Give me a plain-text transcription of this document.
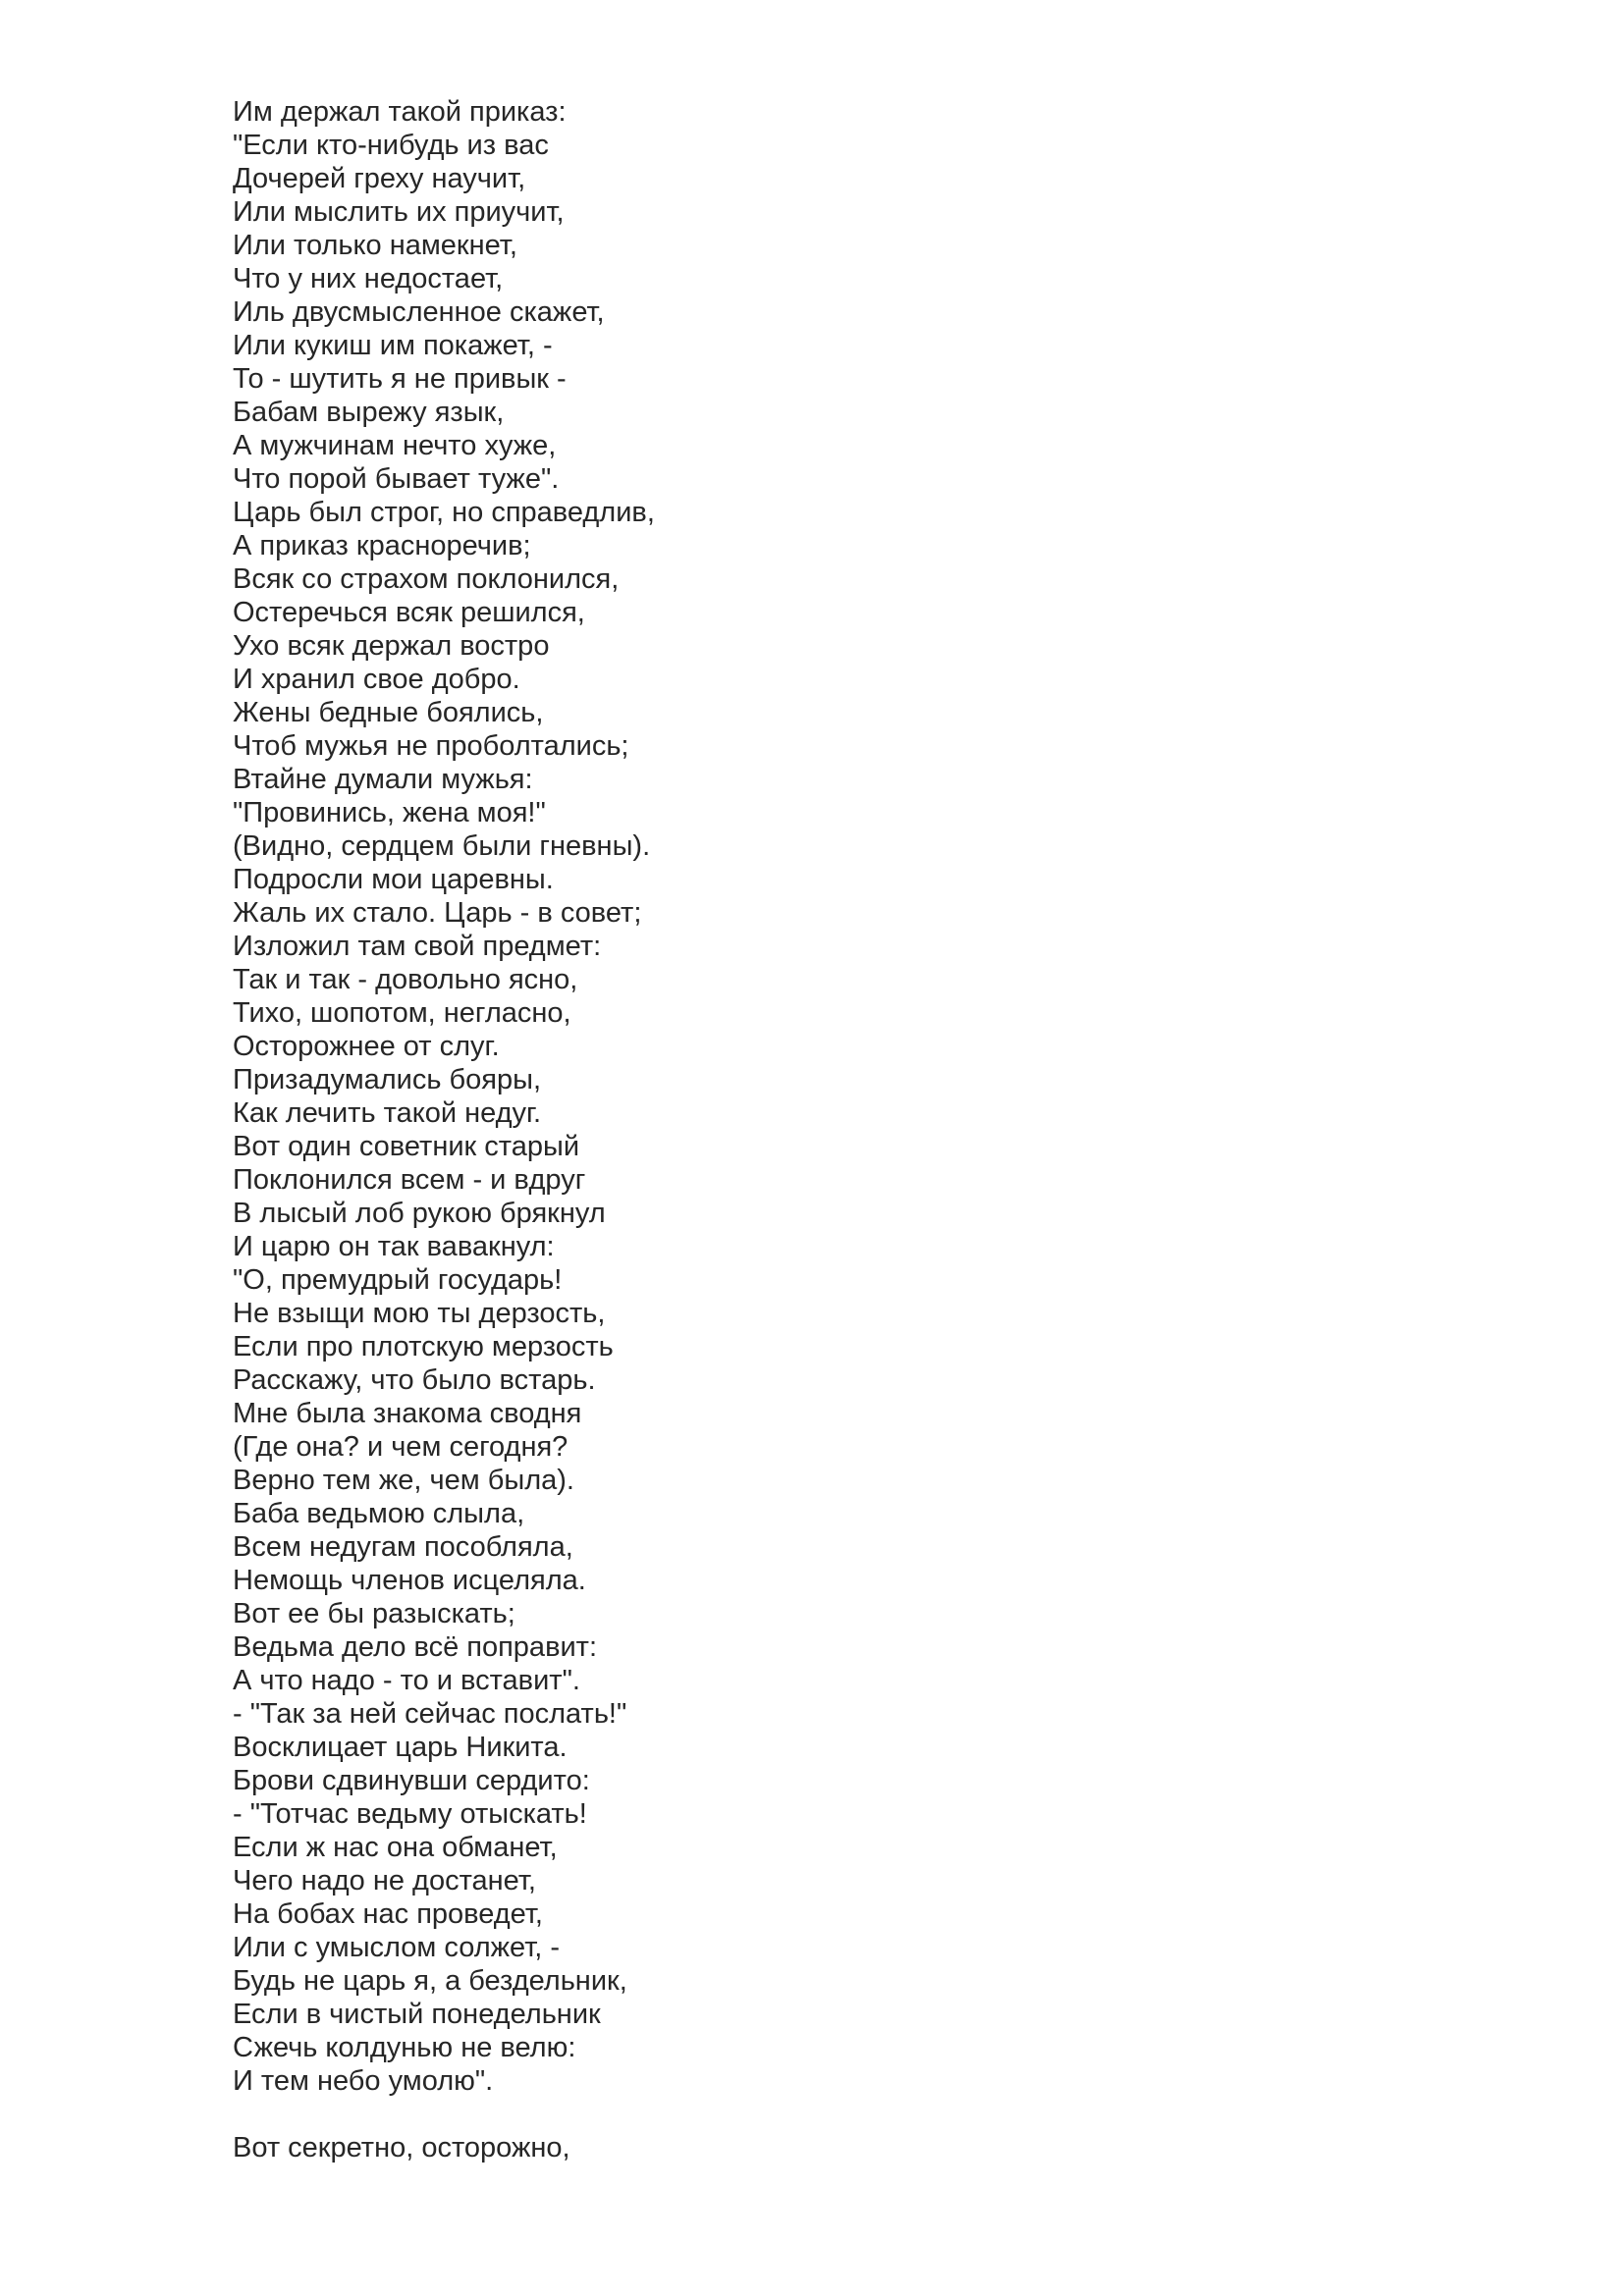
Им держал такой приказ:
"Если кто-нибудь из вас
Дочерей греху научит,
Или мыслить их приучит,
Или только намекнет,
Что у них недостает,
Иль двусмысленное скажет,
Или кукиш им покажет, -
То - шутить я не привык -
Бабам вырежу язык,
А мужчинам нечто хуже,
Что порой бывает туже".
Царь был строг, но справедлив,
А приказ красноречив;
Всяк со страхом поклонился,
Остеречься всяк решился,
Ухо всяк держал востро
И хранил свое добро.
Жены бедные боялись,
Чтоб мужья не проболтались;
Втайне думали мужья:
"Провинись, жена моя!"
(Видно, сердцем были гневны).
Подросли мои царевны.
Жаль их стало. Царь - в совет;
Изложил там свой предмет:
Так и так - довольно ясно,
Тихо, шопотом, негласно,
Осторожнее от слуг.
Призадумались бояры,
Как лечить такой недуг.
Вот один советник старый
Поклонился всем - и вдруг
В лысый лоб рукою брякнул
И царю он так вавакнул:
"О, премудрый государь!
Не взыщи мою ты дерзость,
Если про плотскую мерзость
Расскажу, что было встарь.
Мне была знакома сводня
(Где она? и чем сегодня?
Верно тем же, чем была).
Баба ведьмою слыла,
Всем недугам пособляла,
Немощь членов исцеляла.
Вот ее бы разыскать;
Ведьма дело всё поправит:
А что надо - то и вставит".
- "Так за ней сейчас послать!"
Восклицает царь Никита.
Брови сдвинувши сердито:
- "Тотчас ведьму отыскать!
Если ж нас она обманет,
Чего надо не достанет,
На бобах нас проведет,
Или с умыслом солжет, -
Будь не царь я, а бездельник,
Если в чистый понедельник
Сжечь колдунью не велю:
И тем небо умолю".
Вот секретно, осторожно,
